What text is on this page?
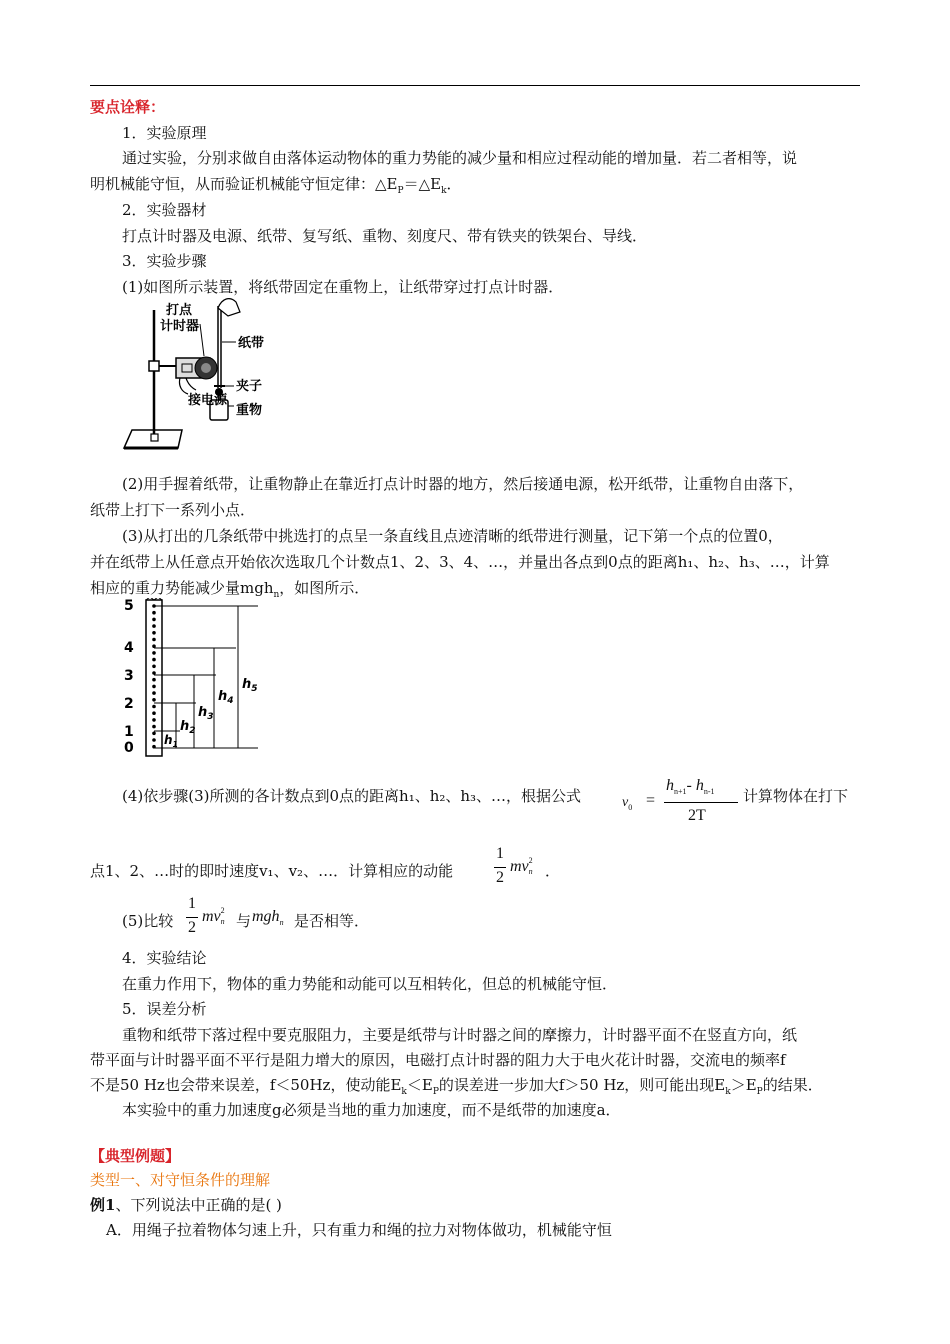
要点诠释：
1．实验原理
通过实验，分别求做自由落体运动物体的重力势能的减少量和相应过程动能的增加量．若二者相等，说
明机械能守恒，从而验证机械能守恒定律：$\triangle E_P=\triangle E_k$．
2．实验器材
打点计时器及电源、纸带、复写纸、重物、刻度尺、带有铁夹的铁架台、导线．
3．实验步骤
(1)如图所示装置，将纸带固定在重物上，让纸带穿过打点计时器．
打点
计时器
纸带
夹子
接电源
重物
(2)用手握着纸带，让重物静止在靠近打点计时器的地方，然后接通电源，松开纸带，让重物自由落下，
纸带上打下一系列小点．
(3)从打出的几条纸带中挑选打的点呈一条直线且点迹清晰的纸带进行测量，记下第一个点的位置0，
并在纸带上从任意点开始依次选取几个计数点1、2、3、4、…，并量出各点到0点的距离h₁、h₂、h₃、…，计算
相应的重力势能减少量mgh$_n$，如图所示．
5
4
3
2
1
0
$h_5$
$h_4$
$h_3$
$h_2$
$h_1$
(4)依步骤(3)所测的各计数点到0点的距离h₁、h₂、h₃、…，根据公式	$v_0$ =
$h_{n+1}-$ $h_{n-1}$
2T
计算物体在打下
点1、2、…时的即时速度v₁、v₂、…．计算相应的动能
1
2
$mv^2n$ ．
(5)比较
1
2
$mv^2n$ 与 mgh$_n$ 是否相等．
4．实验结论
在重力作用下，物体的重力势能和动能可以互相转化，但总的机械能守恒．
5．误差分析
重物和纸带下落过程中要克服阻力，主要是纸带与计时器之间的摩擦力，计时器平面不在竖直方向，纸
带平面与计时器平面不平行是阻力增大的原因，电磁打点计时器的阻力大于电火花计时器，交流电的频率f
不是50 Hz也会带来误差，f＜50Hz，使动能$E_k<E_P$的误差进一步加大f＞50 Hz，则可能出现$E_k>E_P$的结果．
本实验中的重力加速度g必须是当地的重力加速度，而不是纸带的加速度a．
【典型例题】
类型一、对守恒条件的理解
例1、下列说法中正确的是( )
A．用绳子拉着物体匀速上升，只有重力和绳的拉力对物体做功，机械能守恒
